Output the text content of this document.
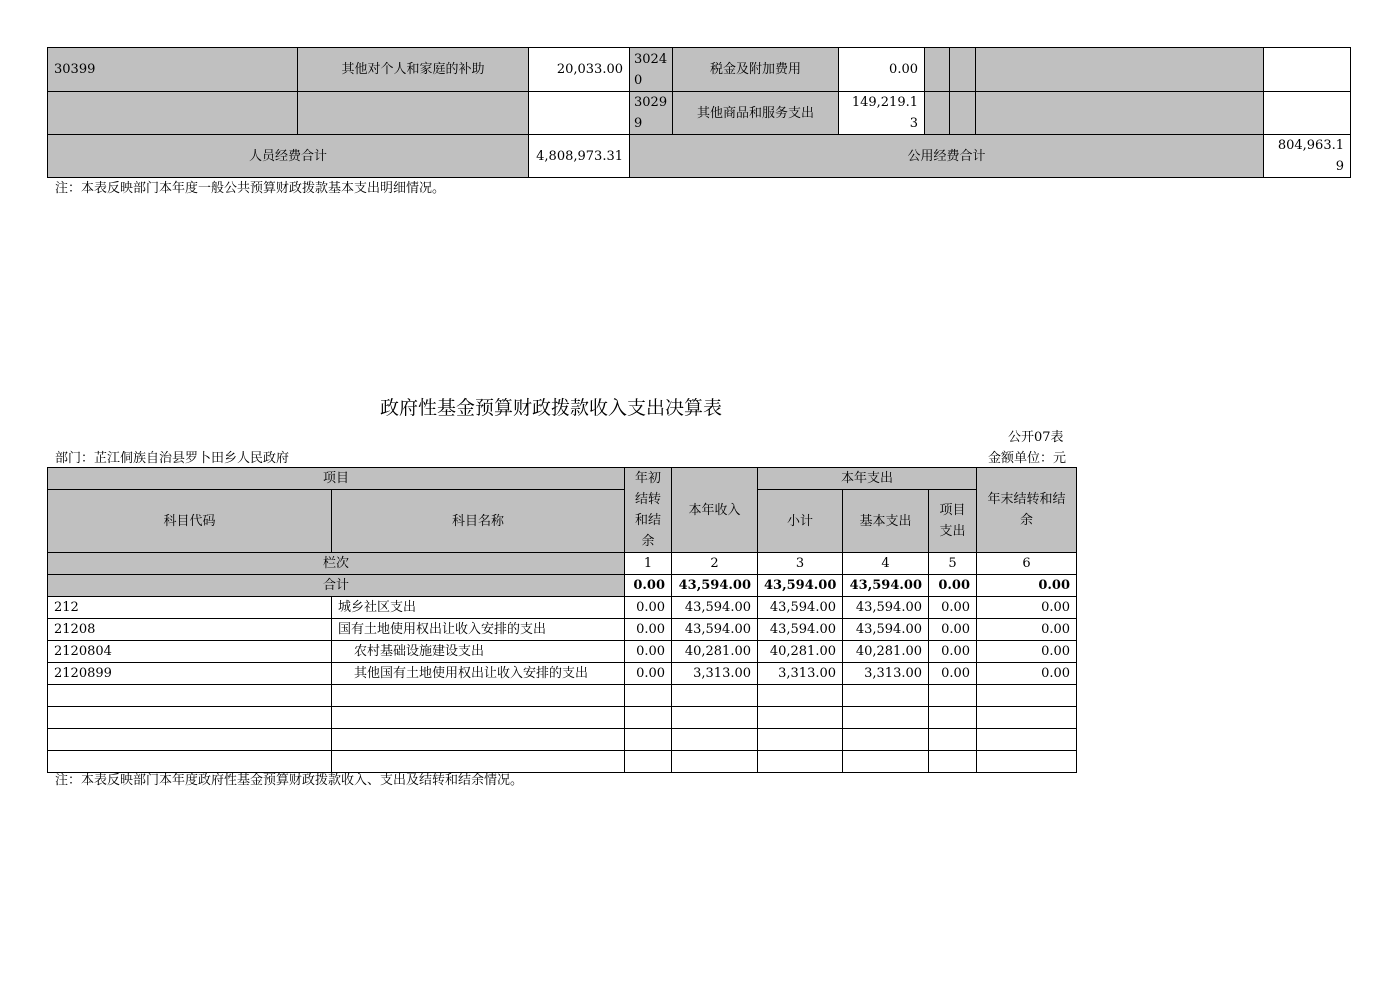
30399	其他对个人和家庭的补助	20,033.00	30240	税金及附加费用	0.00				
			30299	其他商品和服务支出	149,219.13				
人员经费合计		4,808,973.31	公用经费合计						804,963.19
注：本表反映部门本年度一般公共预算财政拨款基本支出明细情况。
政府性基金预算财政拨款收入支出决算表
公开07表
部门：芷江侗族自治县罗卜田乡人民政府	金额单位：元
项目		年初结转和结余	本年收入	本年支出			年末结转和结余
科目代码	科目名称			小计	基本支出	项目支出	
栏次		1	2	3	4	5	6
合计		0.00	43,594.00	43,594.00	43,594.00	0.00	0.00
212	城乡社区支出	0.00	43,594.00	43,594.00	43,594.00	0.00	0.00
21208	国有土地使用权出让收入安排的支出	0.00	43,594.00	43,594.00	43,594.00	0.00	0.00
2120804	农村基础设施建设支出	0.00	40,281.00	40,281.00	40,281.00	0.00	0.00
2120899	其他国有土地使用权出让收入安排的支出	0.00	3,313.00	3,313.00	3,313.00	0.00	0.00

注：本表反映部门本年度政府性基金预算财政拨款收入、支出及结转和结余情况。
